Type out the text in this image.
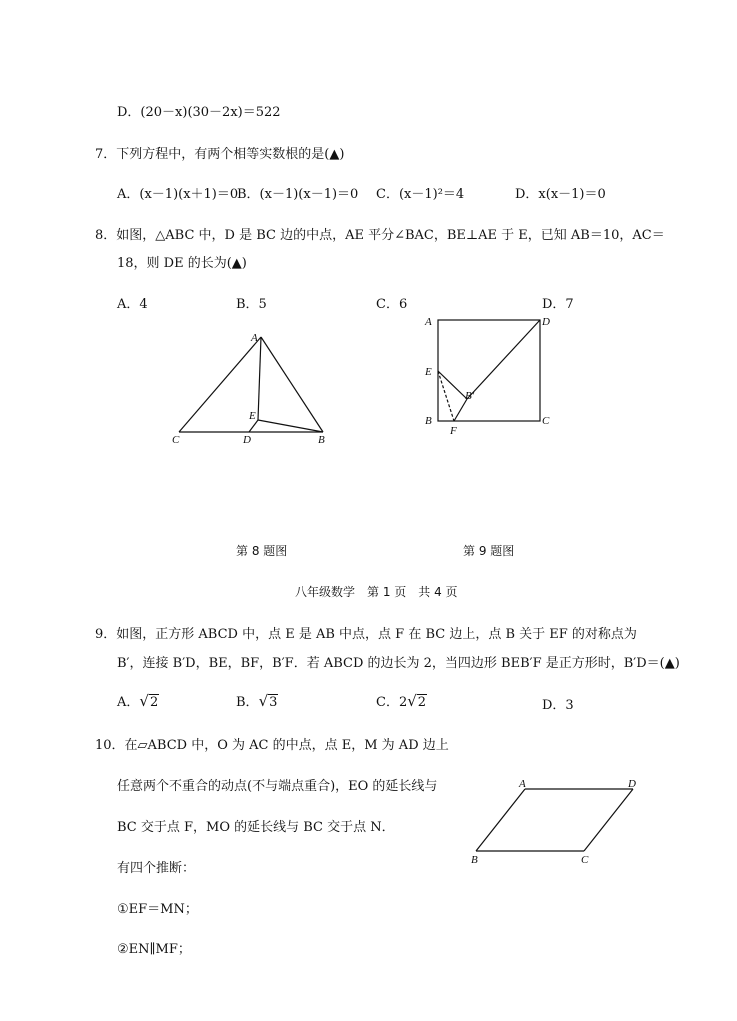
D．(20－x)(30－2x)＝522
7．下列方程中，有两个相等实数根的是(▲)
A．(x－1)(x＋1)＝0
B．(x－1)(x－1)＝0 C．(x－1)²＝4	D．x(x－1)＝0
8．如图，△ABC 中，D 是 BC 边的中点，AE 平分∠BAC，BE⊥AE 于 E，已知 AB＝10，AC＝
18，则 DE 的长为(▲)
A．4	B．5	C．6	D．7
A
C	D	B
E
A	D
E
B′
B	C
F
第 8 题图	第 9 题图
八年级数学　第 1 页　共 4 页
9．如图，正方形 ABCD 中，点 E 是 AB 中点，点 F 在 BC 边上，点 B 关于 EF 的对称点为
B′，连接 B′D，BE，BF，B′F．若 ABCD 的边长为 2，当四边形 BEB′F 是正方形时，B′D＝(▲)
A．√2	B．√3	C．2√2	D．3
10．在▱ABCD 中，O 为 AC 的中点，点 E，M 为 AD 边上
任意两个不重合的动点(不与端点重合)，EO 的延长线与
BC 交于点 F，MO 的延长线与 BC 交于点 N．
有四个推断：
①EF＝MN；
②EN∥MF；
A	D
B	C
